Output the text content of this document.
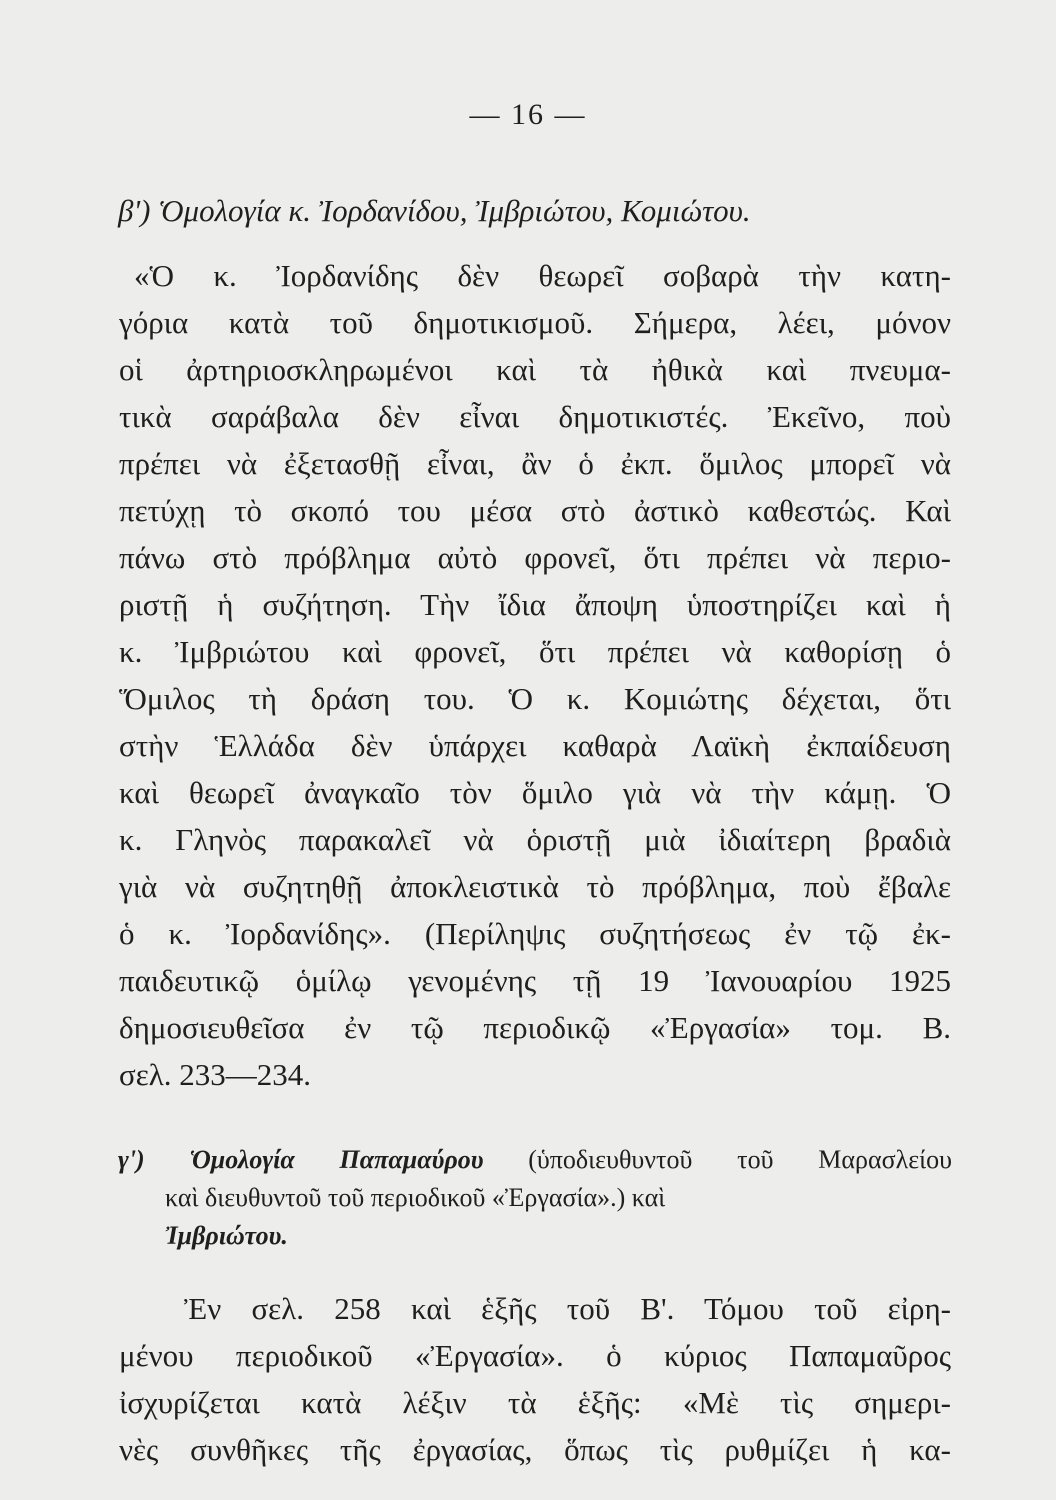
— 16 —
β') Ὁμολογία κ. Ἰορδανίδου, Ἰμβριώτου, Κομιώτου.
«Ὁ κ. Ἰορδανίδης δὲν θεωρεῖ σοβαρὰ τὴν κατη-
γόρια κατὰ τοῦ δημοτικισμοῦ. Σήμερα, λέει, μόνον
οἱ ἀρτηριοσκληρωμένοι καὶ τὰ ἠθικὰ καὶ πνευμα-
τικὰ σαράβαλα δὲν εἶναι δημοτικιστές. Ἐκεῖνο, ποὺ
πρέπει νὰ ἐξετασθῇ εἶναι, ἂν ὁ ἐκπ. ὅμιλος μπορεῖ νὰ
πετύχῃ τὸ σκοπό του μέσα στὸ ἀστικὸ καθεστώς. Καὶ
πάνω στὸ πρόβλημα αὐτὸ φρονεῖ, ὅτι πρέπει νὰ περιο-
ριστῇ ἡ συζήτηση. Τὴν ἴδια ἄποψη ὑποστηρίζει καὶ ἡ
κ. Ἰμβριώτου καὶ φρονεῖ, ὅτι πρέπει νὰ καθορίσῃ ὁ
Ὅμιλος τὴ δράση του. Ὁ κ. Κομιώτης δέχεται, ὅτι
στὴν Ἑλλάδα δὲν ὑπάρχει καθαρὰ Λαϊκὴ ἐκπαίδευση
καὶ θεωρεῖ ἀναγκαῖο τὸν ὅμιλο γιὰ νὰ τὴν κάμῃ. Ὁ
κ. Γληνὸς παρακαλεῖ νὰ ὁριστῇ μιὰ ἰδιαίτερη βραδιὰ
γιὰ νὰ συζητηθῇ ἀποκλειστικὰ τὸ πρόβλημα, ποὺ ἔβαλε
ὁ κ. Ἰορδανίδης». (Περίληψις συζητήσεως ἐν τῷ ἐκ-
παιδευτικῷ ὁμίλῳ γενομένης τῇ 19 Ἰανουαρίου 1925
δημοσιευθεῖσα ἐν τῷ περιοδικῷ «Ἐργασία» τομ. Β.
σελ. 233—234.
γ') Ὁμολογία Παπαμαύρου (ὑποδιευθυντοῦ τοῦ Μαρασλείου
καὶ διευθυντοῦ τοῦ περιοδικοῦ «Ἐργασία».) καὶ
Ἰμβριώτου.
Ἐν σελ. 258 καὶ ἑξῆς τοῦ Β'. Τόμου τοῦ εἰρη-
μένου περιοδικοῦ «Ἐργασία». ὁ κύριος Παπαμαῦρος
ἰσχυρίζεται κατὰ λέξιν τὰ ἑξῆς: «Μὲ τὶς σημερι-
νὲς συνθῆκες τῆς ἐργασίας, ὅπως τὶς ρυθμίζει ἡ κα-
